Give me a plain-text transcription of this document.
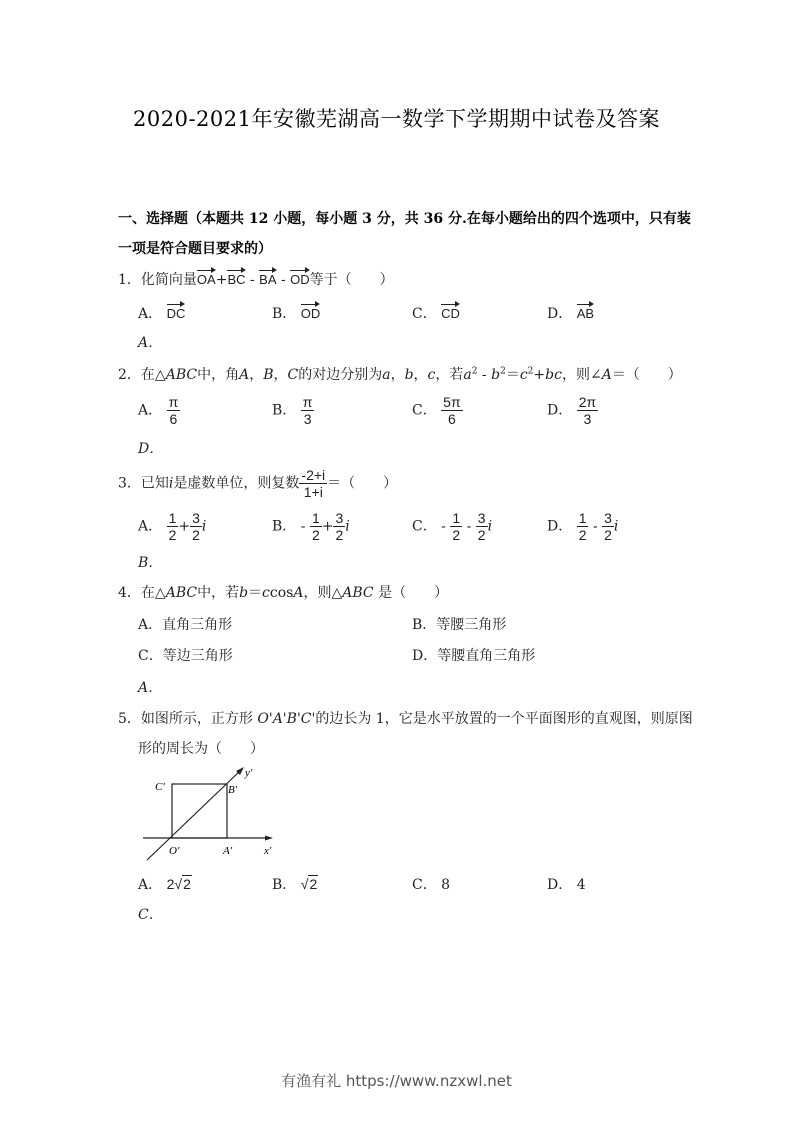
2020-2021年安徽芜湖高一数学下学期期中试卷及答案
一、选择题（本题共 12 小题，每小题 3 分，共 36 分.在每小题给出的四个选项中，只有装
一项是符合题目要求的）
1．化简向量OA+BC - BA - OD等于（　　）
A． DC	B． OD	C． CD	D． AB
A．
2．在△ABC中，角A，B，C的对边分别为a，b，c，若$a^2 - b^2=c^2+bc$，则∠A＝（　　）
A． $\frac{\pi}{6}$	B． $\frac{\pi}{3}$	C． $\frac{5\pi}{6}$	D． $\frac{2\pi}{3}$
D．
3．已知i是虚数单位，则复数 $\frac{-2+i}{1+i}$ ＝（　　）
A． $\frac{1}{2} + \frac{3}{2}$ i	B． - $\frac{1}{2} + \frac{3}{2}$ i	C． - $\frac{1}{2} - \frac{3}{2}$ i	D． $\frac{1}{2} - \frac{3}{2}$ i
B．
4．在△ABC中，若b＝ccosA，则△ABC 是（　　）
A．直角三角形	B．等腰三角形
C．等边三角形	D．等腰直角三角形
A．
5．如图所示，正方形 O'A'B'C'的边长为 1，它是水平放置的一个平面图形的直观图，则原图
形的周长为（　　）
C'	B'
O'	A'	x'
y'
A． 2√2	B． √2	C． 8	D． 4
C．
有渔有礼 https://www.nzxwl.net
